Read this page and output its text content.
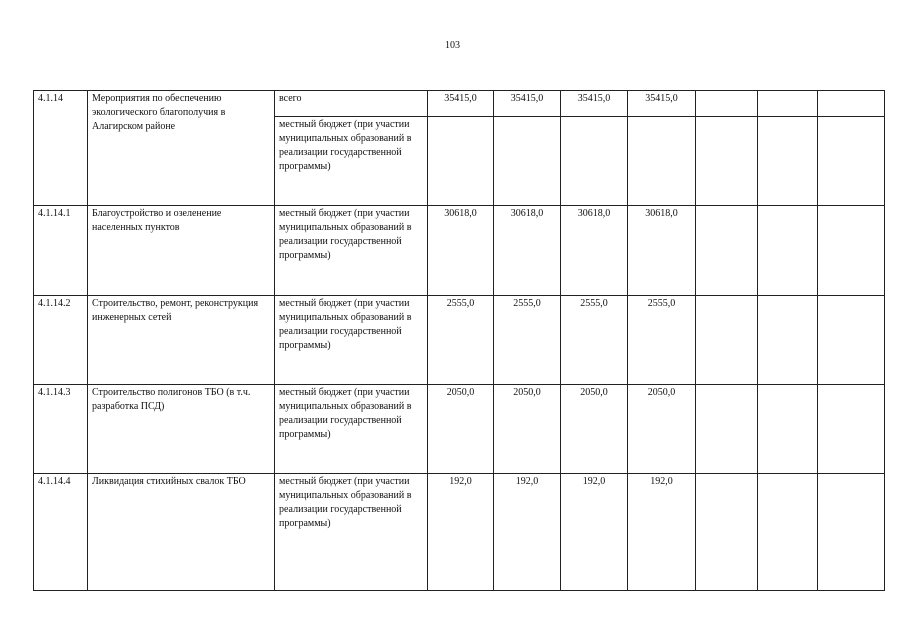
103
4.1.14	Мероприятия по обеспечению экологического благополучия в Алагирском районе	всего	35415,0	35415,0	35415,0	35415,0			
		местный бюджет (при участии муниципальных образований в реализации государственной программы)							
4.1.14.1	Благоустройство и озеленение населенных пунктов	местный бюджет (при участии муниципальных образований в реализации государственной программы)	30618,0	30618,0	30618,0	30618,0			
4.1.14.2	Строительство, ремонт, реконструкция инженерных сетей	местный бюджет (при участии муниципальных образований в реализации государственной программы)	2555,0	2555,0	2555,0	2555,0			
4.1.14.3	Строительство полигонов ТБО (в т.ч. разработка ПСД)	местный бюджет (при участии муниципальных образований в реализации государственной программы)	2050,0	2050,0	2050,0	2050,0			
4.1.14.4	Ликвидация стихийных свалок ТБО	местный бюджет (при участии муниципальных образований в реализации государственной программы)	192,0	192,0	192,0	192,0			
